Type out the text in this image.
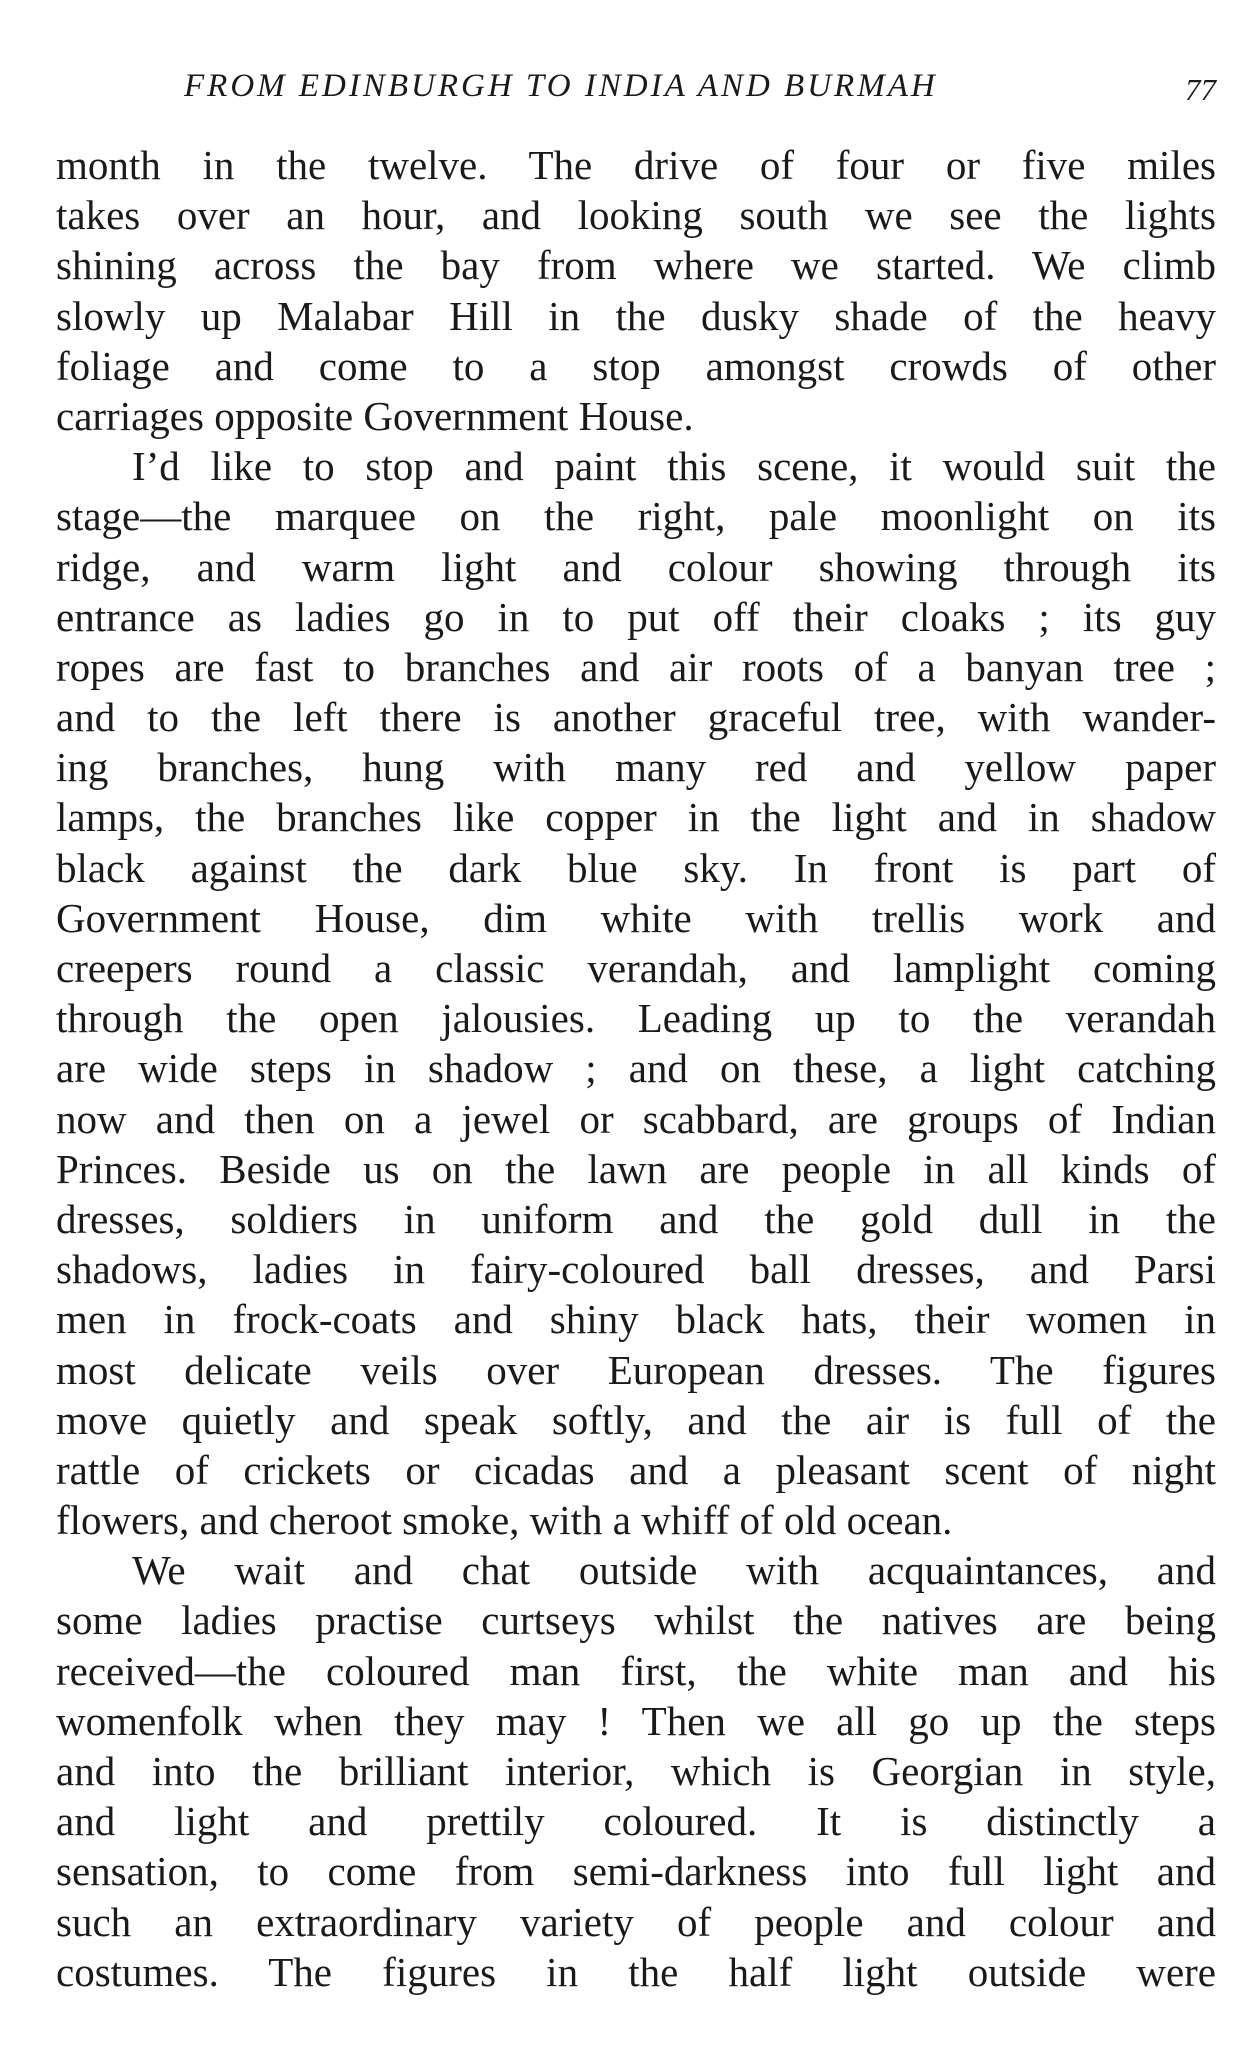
FROM EDINBURGH TO INDIA AND BURMAH	77
month in the twelve. The drive of four or five miles
takes over an hour, and looking south we see the lights
shining across the bay from where we started. We climb
slowly up Malabar Hill in the dusky shade of the heavy
foliage and come to a stop amongst crowds of other
carriages opposite Government House.
I’d like to stop and paint this scene, it would suit the
stage—the marquee on the right, pale moonlight on its
ridge, and warm light and colour showing through its
entrance as ladies go in to put off their cloaks ; its guy
ropes are fast to branches and air roots of a banyan tree ;
and to the left there is another graceful tree, with wander-
ing branches, hung with many red and yellow paper
lamps, the branches like copper in the light and in shadow
black against the dark blue sky. In front is part of
Government House, dim white with trellis work and
creepers round a classic verandah, and lamplight coming
through the open jalousies. Leading up to the verandah
are wide steps in shadow ; and on these, a light catching
now and then on a jewel or scabbard, are groups of Indian
Princes. Beside us on the lawn are people in all kinds of
dresses, soldiers in uniform and the gold dull in the
shadows, ladies in fairy-coloured ball dresses, and Parsi
men in frock-coats and shiny black hats, their women in
most delicate veils over European dresses. The figures
move quietly and speak softly, and the air is full of the
rattle of crickets or cicadas and a pleasant scent of night
flowers, and cheroot smoke, with a whiff of old ocean.
We wait and chat outside with acquaintances, and
some ladies practise curtseys whilst the natives are being
received—the coloured man first, the white man and his
womenfolk when they may ! Then we all go up the steps
and into the brilliant interior, which is Georgian in style,
and light and prettily coloured. It is distinctly a
sensation, to come from semi-darkness into full light and
such an extraordinary variety of people and colour and
costumes. The figures in the half light outside were
